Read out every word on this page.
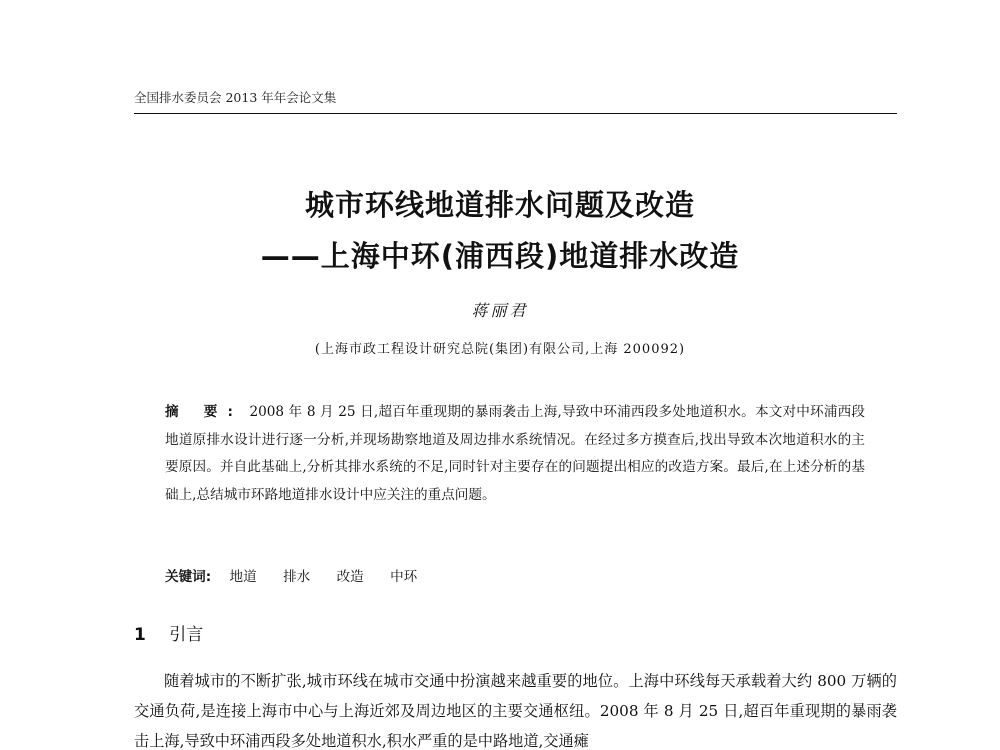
全国排水委员会 2013 年年会论文集
城市环线地道排水问题及改造
——上海中环(浦西段)地道排水改造
蒋丽君
(上海市政工程设计研究总院(集团)有限公司,上海 200092)
摘 要: 2008 年 8 月 25 日,超百年重现期的暴雨袭击上海,导致中环浦西段多处地道积水。本文对中环浦西段地道原排水设计进行逐一分析,并现场勘察地道及周边排水系统情况。在经过多方摸查后,找出导致本次地道积水的主要原因。并自此基础上,分析其排水系统的不足,同时针对主要存在的问题提出相应的改造方案。最后,在上述分析的基础上,总结城市环路地道排水设计中应关注的重点问题。
关键词: 地道 排水 改造 中环
1 引言
随着城市的不断扩张,城市环线在城市交通中扮演越来越重要的地位。上海中环线每天承载着大约 800 万辆的交通负荷,是连接上海市中心与上海近郊及周边地区的主要交通枢纽。2008 年 8 月 25 日,超百年重现期的暴雨袭击上海,导致中环浦西段多处地道积水,积水严重的是中路地道,交通瘫
